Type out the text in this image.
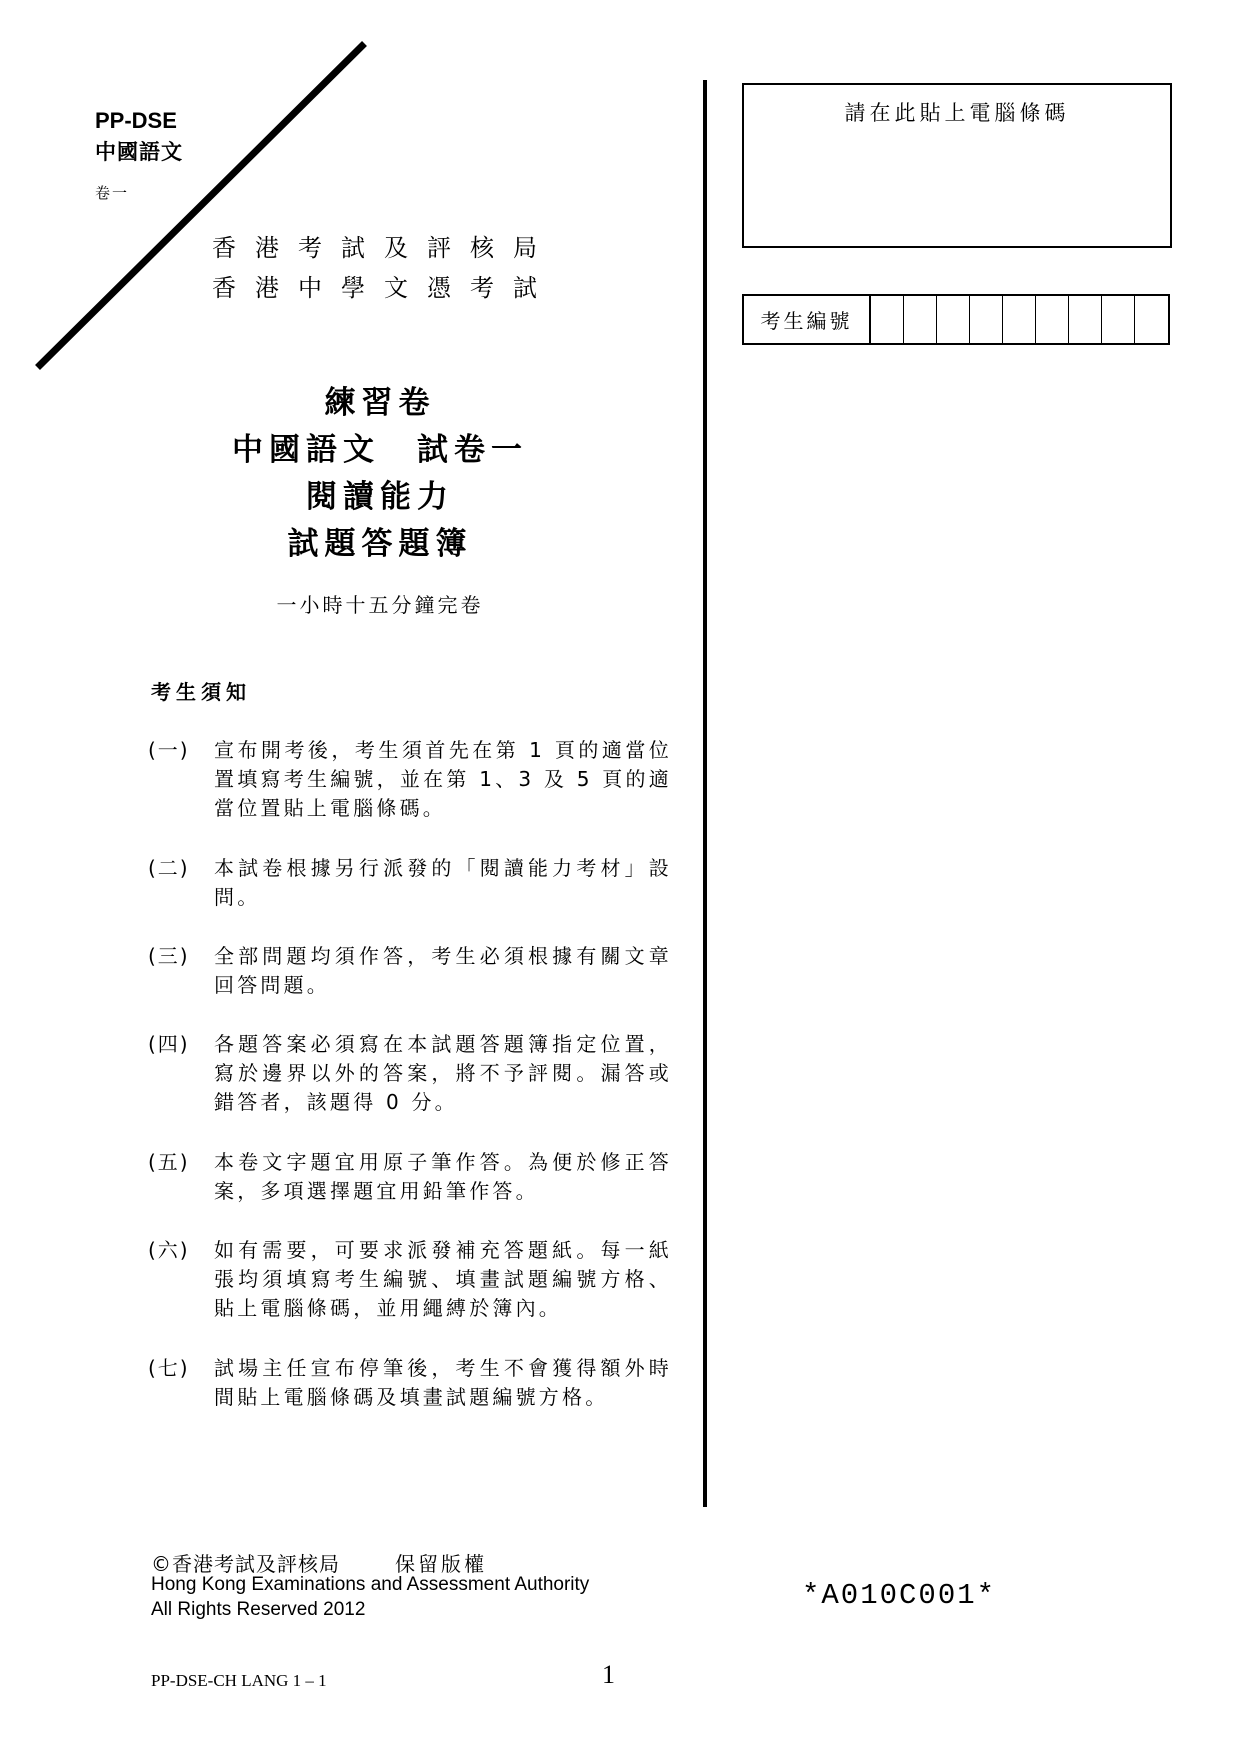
PP-DSE
中國語文
卷一
香港考試及評核局
香港中學文憑考試
練習卷
中國語文　試卷一
閱讀能力
試題答題簿
一小時十五分鐘完卷
考生須知
(一) 宣布開考後，考生須首先在第 1 頁的適當位置填寫考生編號，並在第 1、3 及 5 頁的適當位置貼上電腦條碼。
(二) 本試卷根據另行派發的「閱讀能力考材」設問。
(三) 全部問題均須作答，考生必須根據有關文章回答問題。
(四) 各題答案必須寫在本試題答題簿指定位置，寫於邊界以外的答案，將不予評閱。漏答或錯答者，該題得 0 分。
(五) 本卷文字題宜用原子筆作答。為便於修正答案，多項選擇題宜用鉛筆作答。
(六) 如有需要，可要求派發補充答題紙。每一紙張均須填寫考生編號、填畫試題編號方格、貼上電腦條碼，並用繩縛於簿內。
(七) 試場主任宣布停筆後，考生不會獲得額外時間貼上電腦條碼及填畫試題編號方格。
請在此貼上電腦條碼
考生編號
©香港考試及評核局	保留版權
Hong Kong Examinations and Assessment Authority
All Rights Reserved 2012	*A010C001*
PP-DSE-CH LANG 1 – 1	1
